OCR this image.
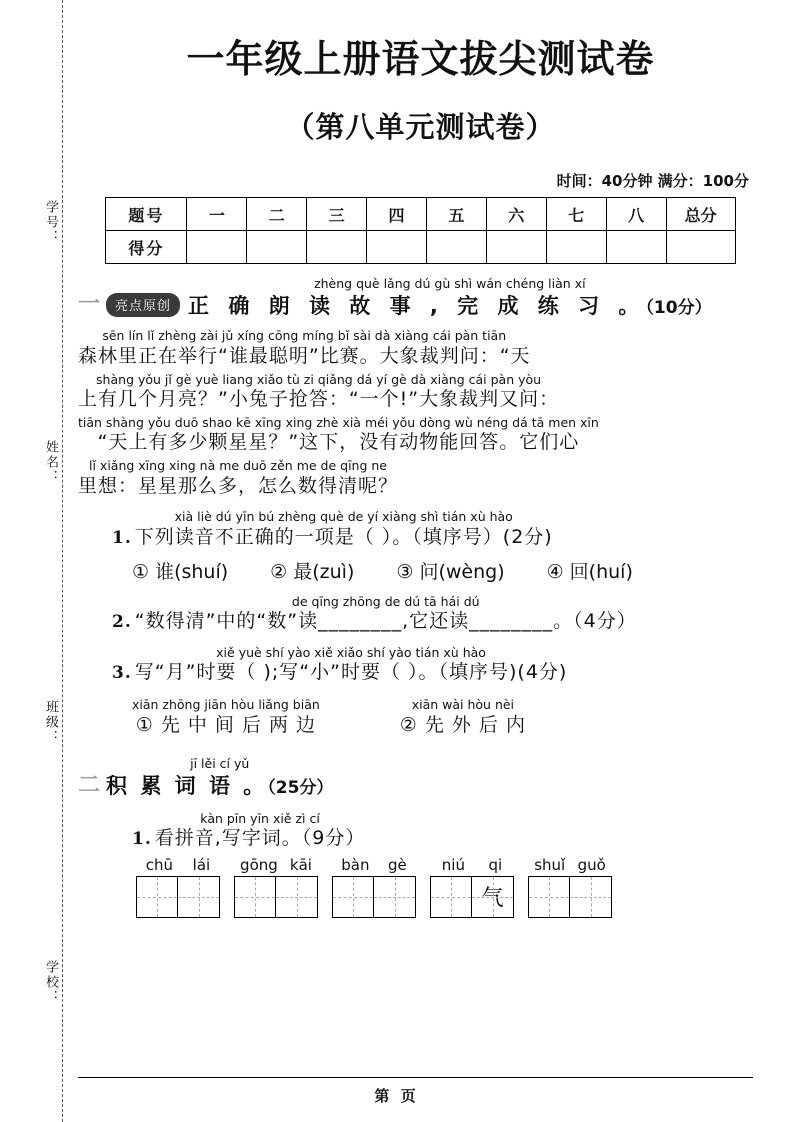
学号：
姓名：
班级：
学校：
一年级上册语文拔尖测试卷
（第八单元测试卷）
时间：40分钟 满分：100分
题号	一	二	三	四	五	六	七	八	总分
得分									
一	亮点原创
zhèng què lǎng dú gù shì wán chéng liàn xí
正 确 朗 读 故 事 , 完 成 练 习 。（10分）
sēn lín lǐ zhèng zài jǔ xíng cōng míng bǐ sài dà xiàng cái pàn tiān
森林里正在举行“谁最聪明”比赛。大象裁判问：“天
shàng yǒu jǐ gè yuè liang xiǎo tù zi qiǎng dá yí gè dà xiàng cái pàn yòu
上有几个月亮？”小兔子抢答：“一个!”大象裁判又问：
tiān shàng yǒu duō shao kē xīng xing zhè xià méi yǒu dòng wù néng dá tā men xīn
“天上有多少颗星星？”这下，没有动物能回答。它们心
lǐ xiǎng xīng xing nà me duō zěn me de qīng ne
里想：星星那么多，怎么数得清呢？
1.
xià liè dú yīn bú zhèng què de yí xiàng shì tián xù hào
下列读音不正确的一项是（ ）。（填序号）(2分)
① 谁(shuí) ② 最(zuì) ③ 问(wèng) ④ 回(huí)
2.
de qīng zhōng de dú tā hái dú
“数得清”中的“数”读________,它还读________。（4分）
3.
xiě yuè shí yào xiě xiǎo shí yào tián xù hào
写“月”时要（ );写“小”时要（ ）。（填序号)(4分)
xiān zhōng jiān hòu liǎng biān
① 先 中 间 后 两 边
xiān wài hòu nèi
② 先 外 后 内
二
jī lěi cí yǔ
积 累 词 语 。（25分）
1.
kàn pīn yīn xiě zì cí
看拼音,写字词。（9分）
chū lái gōng kāi bàn gè niú qi
气
shuǐ guǒ
第 页
